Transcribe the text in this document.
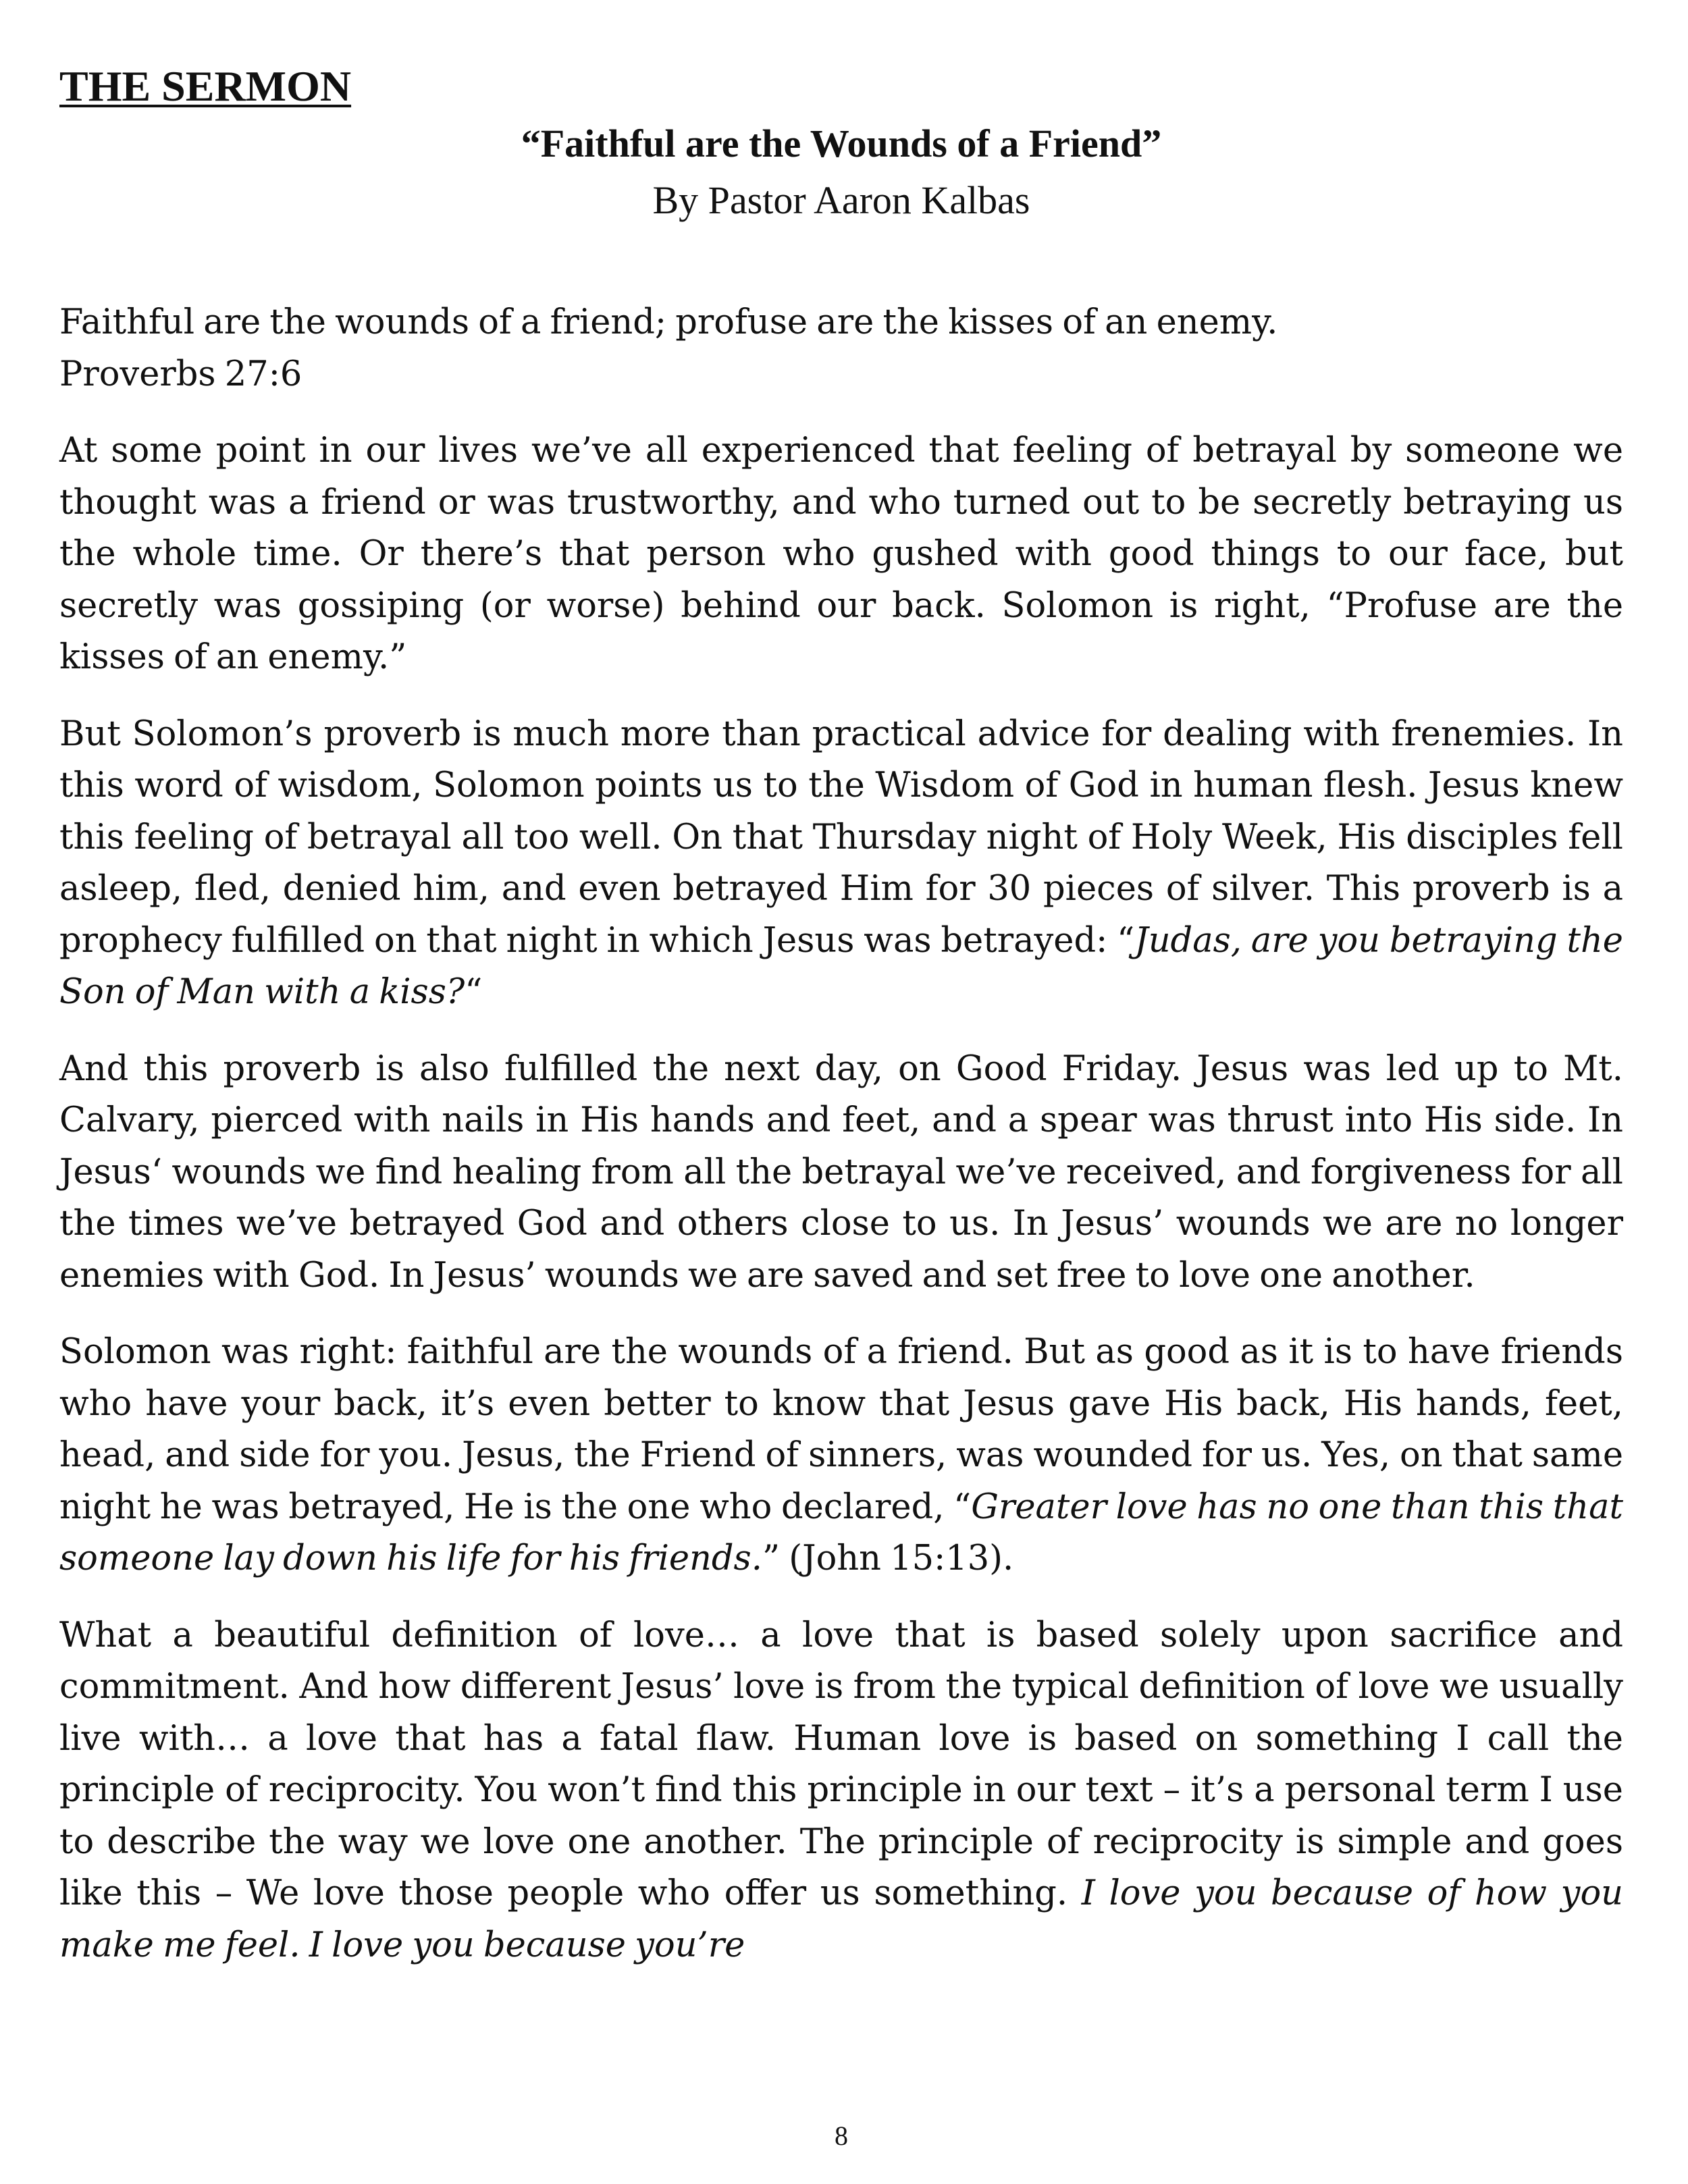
THE SERMON
“Faithful are the Wounds of a Friend”
By Pastor Aaron Kalbas

Faithful are the wounds of a friend; profuse are the kisses of an enemy.
Proverbs 27:6

At some point in our lives we’ve all experienced that feeling of betrayal by someone we thought was a friend or was trustworthy, and who turned out to be secretly betraying us the whole time. Or there’s that person who gushed with good things to our face, but secretly was gossiping (or worse) behind our back. Solomon is right, “Profuse are the kisses of an enemy.”

But Solomon’s proverb is much more than practical advice for dealing with frenemies. In this word of wisdom, Solomon points us to the Wisdom of God in human flesh. Jesus knew this feeling of betrayal all too well. On that Thursday night of Holy Week, His disciples fell asleep, fled, denied him, and even betrayed Him for 30 pieces of silver. This proverb is a prophecy fulfilled on that night in which Jesus was betrayed: “Judas, are you betraying the Son of Man with a kiss?“

And this proverb is also fulfilled the next day, on Good Friday. Jesus was led up to Mt. Calvary, pierced with nails in His hands and feet, and a spear was thrust into His side. In Jesus‘ wounds we find healing from all the betrayal we’ve received, and forgiveness for all the times we’ve betrayed God and others close to us. In Jesus’ wounds we are no longer enemies with God. In Jesus’ wounds we are saved and set free to love one another.

Solomon was right: faithful are the wounds of a friend. But as good as it is to have friends who have your back, it’s even better to know that Jesus gave His back, His hands, feet, head, and side for you. Jesus, the Friend of sinners, was wounded for us. Yes, on that same night he was betrayed, He is the one who declared, “Greater love has no one than this that someone lay down his life for his friends.” (John 15:13).

What a beautiful definition of love… a love that is based solely upon sacrifice and commitment. And how different Jesus’ love is from the typical definition of love we usually live with… a love that has a fatal flaw. Human love is based on something I call the principle of reciprocity. You won’t find this principle in our text – it’s a personal term I use to describe the way we love one another. The principle of reciprocity is simple and goes like this – We love those people who offer us something. I love you because of how you make me feel. I love you because you’re

8
